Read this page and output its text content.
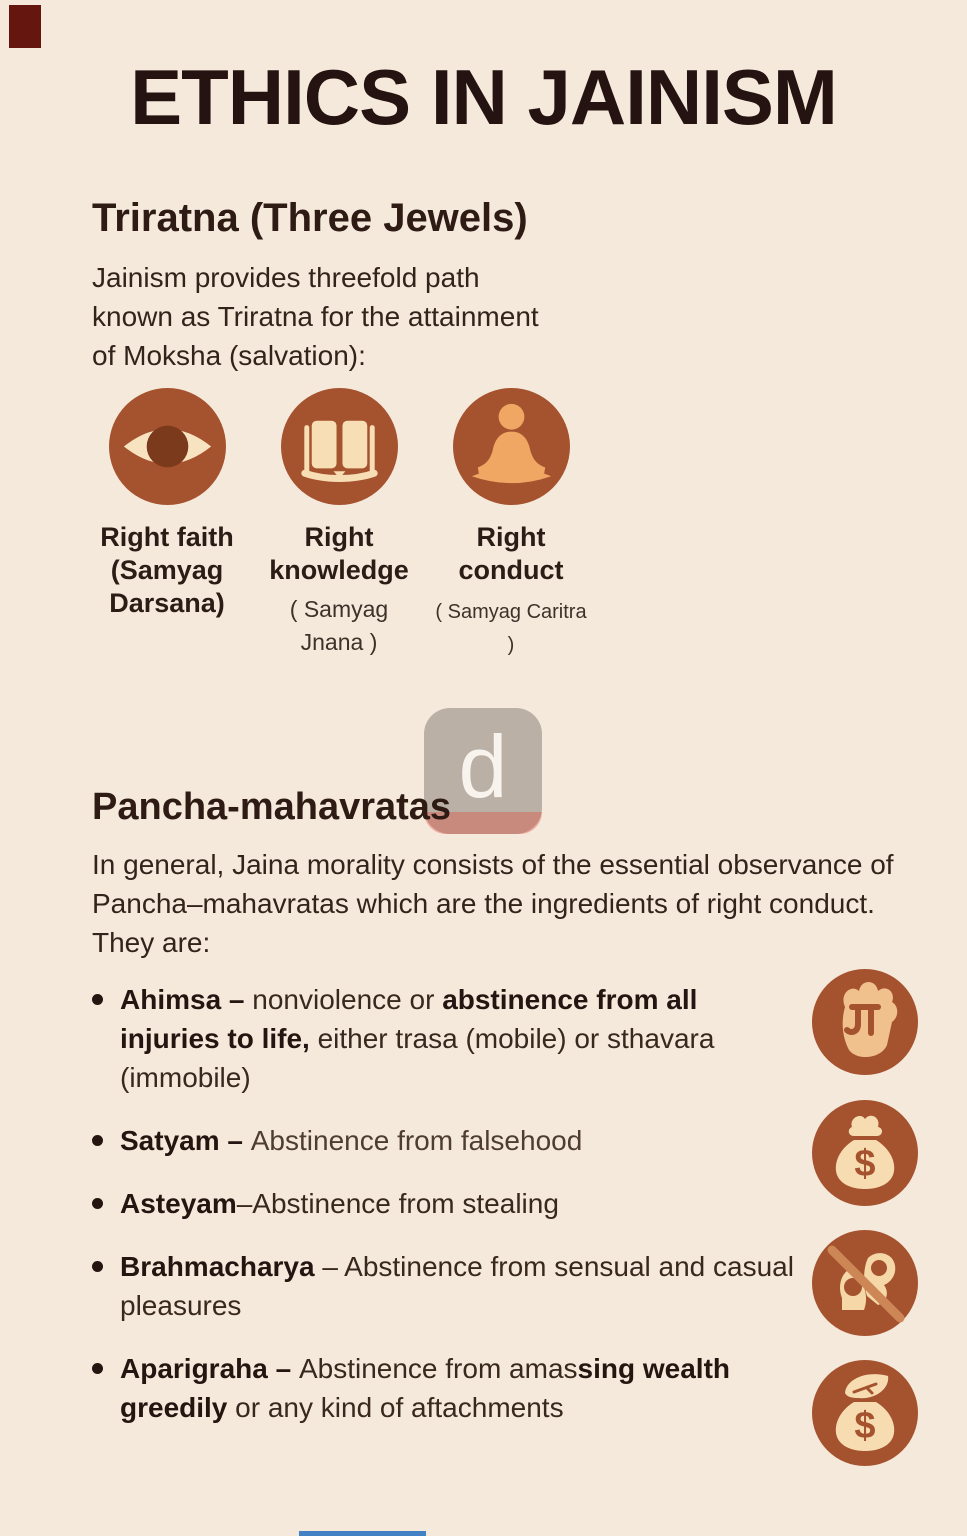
d
ETHICS IN JAINISM
Triratna (Three Jewels)
Jainism provides threefold path known as Triratna for the attainment of Moksha (salvation):
Right faith (Samyag Darsana)
Right knowledge
( Samyag Jnana )
Right conduct
( Samyag Caritra )
Pancha-mahavratas
In general, Jaina morality consists of the essential observance of Pancha–mahavratas which are the ingredients of right conduct. They are:
Ahimsa – nonviolence or abstinence from all injuries to life, either trasa (mobile) or sthavara (immobile)
Satyam – Abstinence from falsehood
Asteyam–Abstinence from stealing
Brahmacharya – Abstinence from sensual and casual pleasures
Aparigraha – Abstinence from amassing wealth greedily or any kind of aftachments
$
$
